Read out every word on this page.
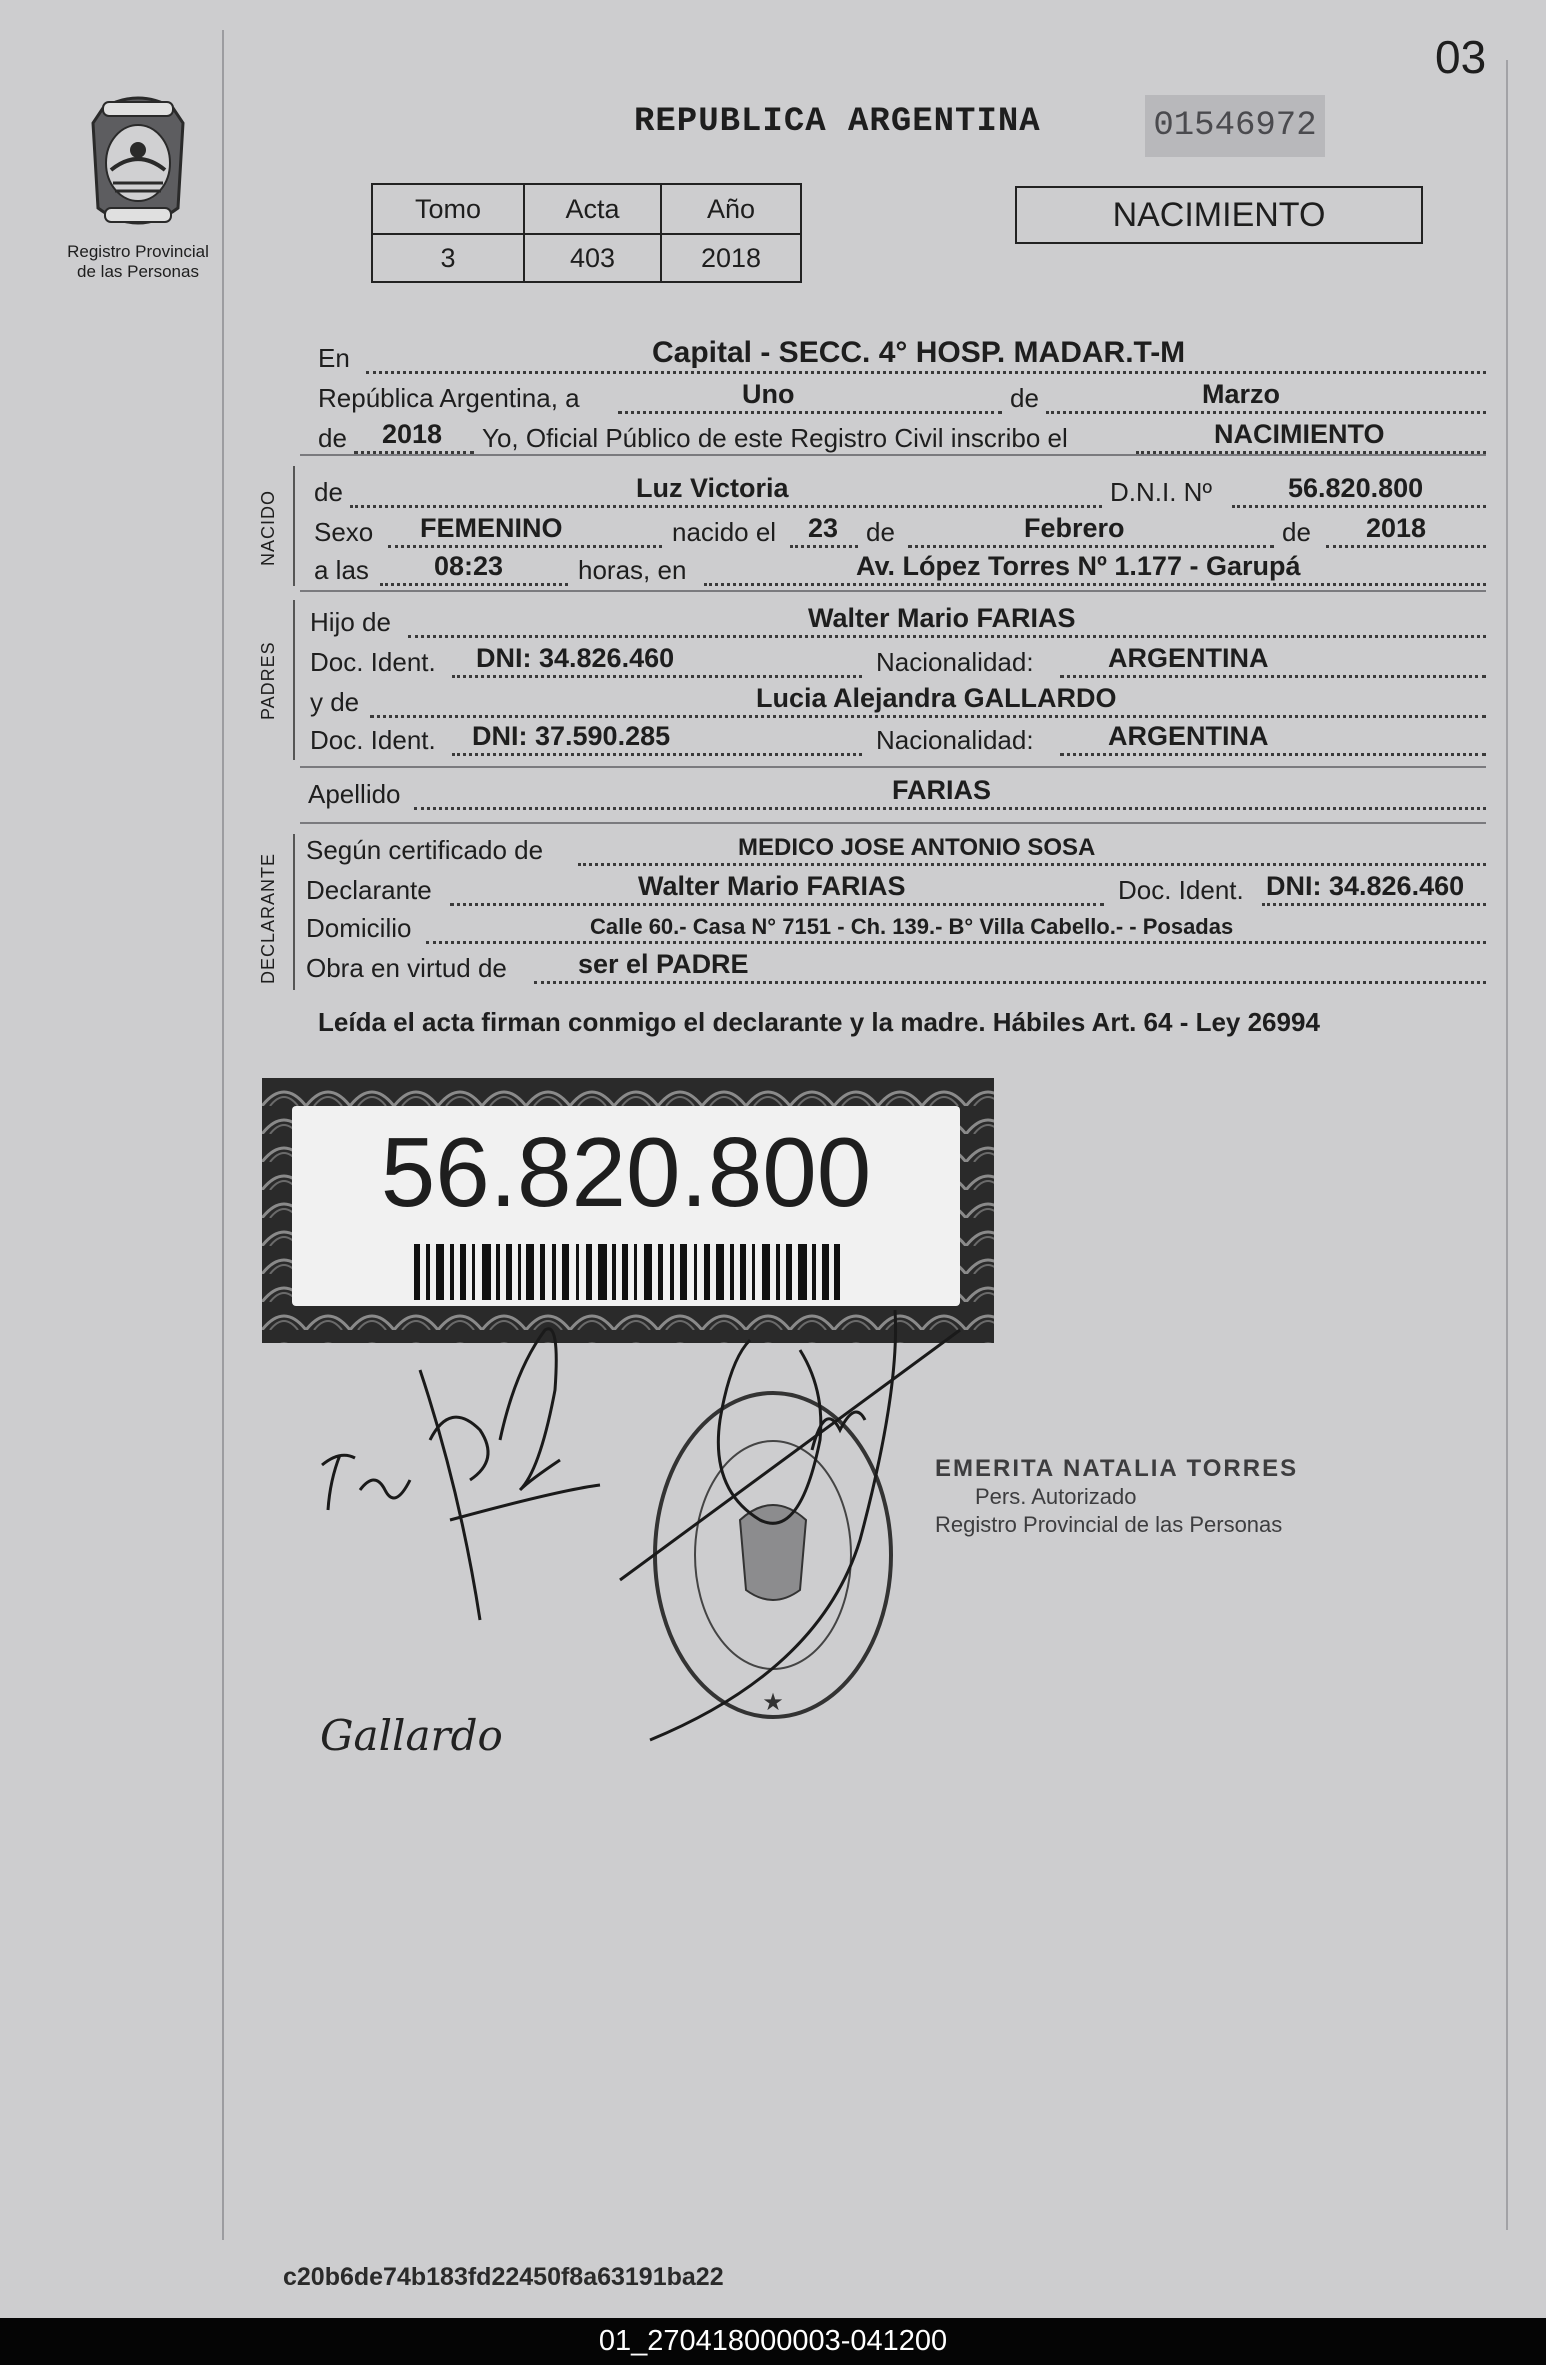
03
Registro Provincial de las Personas
REPUBLICA ARGENTINA	01546972
Tomo	Acta	Año
3	403	2018
NACIMIENTO
En	Capital - SECC. 4° HOSP. MADAR.T-M
República Argentina, a	Uno	de	Marzo
de 2018 Yo, Oficial Público de este Registro Civil inscribo el	NACIMIENTO
NACIDO de	Luz Victoria	D.N.I. Nº	56.820.800
Sexo FEMENINO	nacido el 23 de	Febrero	de 2018
a las 08:23	horas, en	Av. López Torres Nº 1.177 - Garupá
PADRES
Hijo de	Walter Mario FARIAS
Doc. Ident. DNI: 34.826.460	Nacionalidad:	ARGENTINA
y de	Lucia Alejandra GALLARDO
Doc. Ident. DNI: 37.590.285	Nacionalidad:	ARGENTINA
Apellido	FARIAS
DECLARANTE
Según certificado de	MEDICO JOSE ANTONIO SOSA
Declarante	Walter Mario FARIAS	Doc. Ident. DNI: 34.826.460
Domicilio	Calle 60.- Casa N° 7151 - Ch. 139.- B° Villa Cabello.- - Posadas
Obra en virtud de	ser el PADRE
Leída el acta firman conmigo el declarante y la madre. Hábiles Art. 64 - Ley 26994
56.820.800
Gallardo
★
EMERITA NATALIA TORRES
Pers. Autorizado
Registro Provincial de las Personas
c20b6de74b183fd22450f8a63191ba22
01_270418000003-041200
